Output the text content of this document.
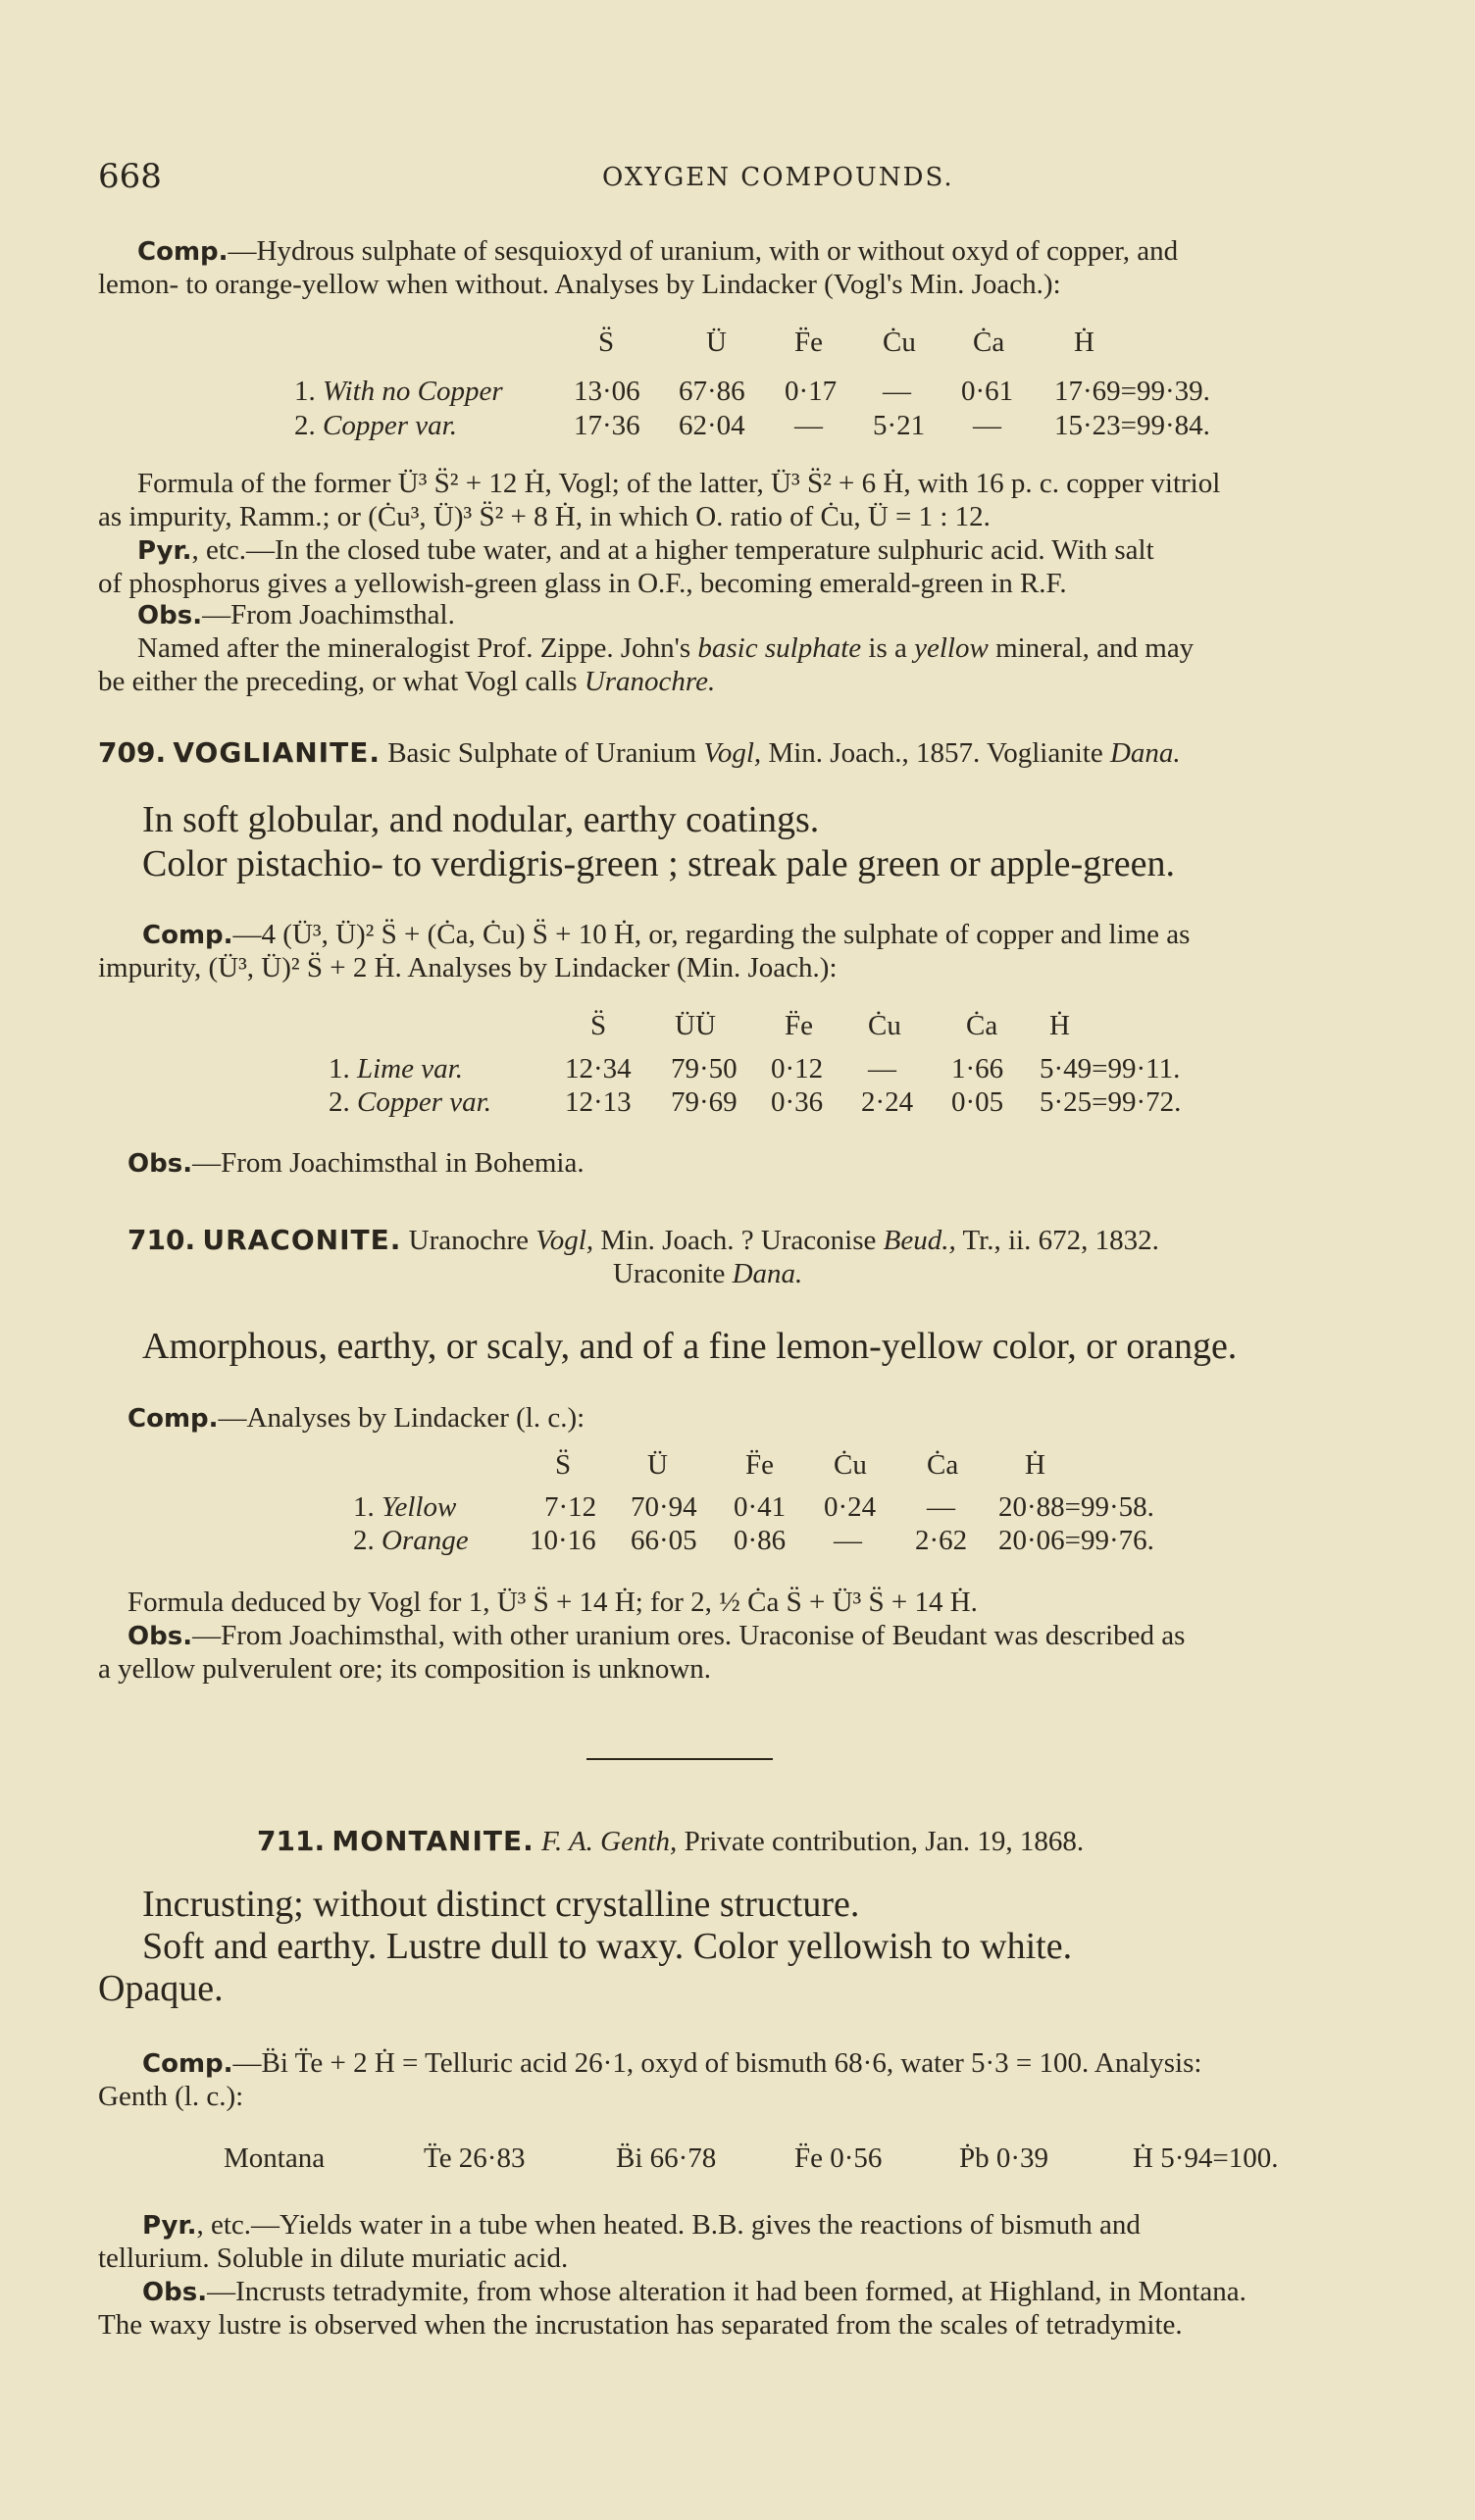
668	OXYGEN COMPOUNDS.
Comp.—Hydrous sulphate of sesquioxyd of uranium, with or without oxyd of copper, and
lemon- to orange-yellow when without. Analyses by Lindacker (Vogl's Min. Joach.):
S̈	Ü F̈e Ċu Ċa Ḣ
1. With no Copper 13·06 67·86 0·17 — 0·61 17·69=99·39.
2. Copper var.	17·36 62·04 — 5·21 — 15·23=99·84.
Formula of the former Ü³ S̈² + 12 Ḣ, Vogl; of the latter, Ü³ S̈² + 6 Ḣ, with 16 p. c. copper vitriol
as impurity, Ramm.; or (Ċu³, Ü)³ S̈² + 8 Ḣ, in which O. ratio of Ċu, Ü = 1 : 12.
Pyr., etc.—In the closed tube water, and at a higher temperature sulphuric acid. With salt
of phosphorus gives a yellowish-green glass in O.F., becoming emerald-green in R.F.
Obs.—From Joachimsthal.
Named after the mineralogist Prof. Zippe. John's basic sulphate is a yellow mineral, and may
be either the preceding, or what Vogl calls Uranochre.
709. VOGLIANITE. Basic Sulphate of Uranium Vogl, Min. Joach., 1857. Voglianite Dana.
In soft globular, and nodular, earthy coatings.
Color pistachio- to verdigris-green ; streak pale green or apple-green.
Comp.—4 (Ü³, Ü)² S̈ + (Ċa, Ċu) S̈ + 10 Ḣ, or, regarding the sulphate of copper and lime as
impurity, (Ü³, Ü)² S̈ + 2 Ḣ. Analyses by Lindacker (Min. Joach.):
S̈ ÜÜ F̈e Ċu Ċa Ḣ
1. Lime var.	12·34 79·50 0·12 — 1·66 5·49=99·11.
2. Copper var.	12·13 79·69 0·36 2·24 0·05 5·25=99·72.
Obs.—From Joachimsthal in Bohemia.
710. URACONITE. Uranochre Vogl, Min. Joach. ? Uraconise Beud., Tr., ii. 672, 1832.
Uraconite Dana.
Amorphous, earthy, or scaly, and of a fine lemon-yellow color, or orange.
Comp.—Analyses by Lindacker (l. c.):
S̈	Ü	F̈e Ċu Ċa Ḣ
1. Yellow	7·12 70·94 0·41 0·24 — 20·88=99·58.
2. Orange 10·16 66·05 0·86 — 2·62 20·06=99·76.
Formula deduced by Vogl for 1, Ü³ S̈ + 14 Ḣ; for 2, ½ Ċa S̈ + Ü³ S̈ + 14 Ḣ.
Obs.—From Joachimsthal, with other uranium ores. Uraconise of Beudant was described as
a yellow pulverulent ore; its composition is unknown.
711. MONTANITE. F. A. Genth, Private contribution, Jan. 19, 1868.
Incrusting; without distinct crystalline structure.
Soft and earthy. Lustre dull to waxy. Color yellowish to white.
Opaque.
Comp.—B̈i T̈e + 2 Ḣ = Telluric acid 26·1, oxyd of bismuth 68·6, water 5·3 = 100. Analysis:
Genth (l. c.):
Montana	T̈e 26·83	B̈i 66·78	F̈e 0·56	Ṗb 0·39	Ḣ 5·94=100.
Pyr., etc.—Yields water in a tube when heated. B.B. gives the reactions of bismuth and
tellurium. Soluble in dilute muriatic acid.
Obs.—Incrusts tetradymite, from whose alteration it had been formed, at Highland, in Montana.
The waxy lustre is observed when the incrustation has separated from the scales of tetradymite.
